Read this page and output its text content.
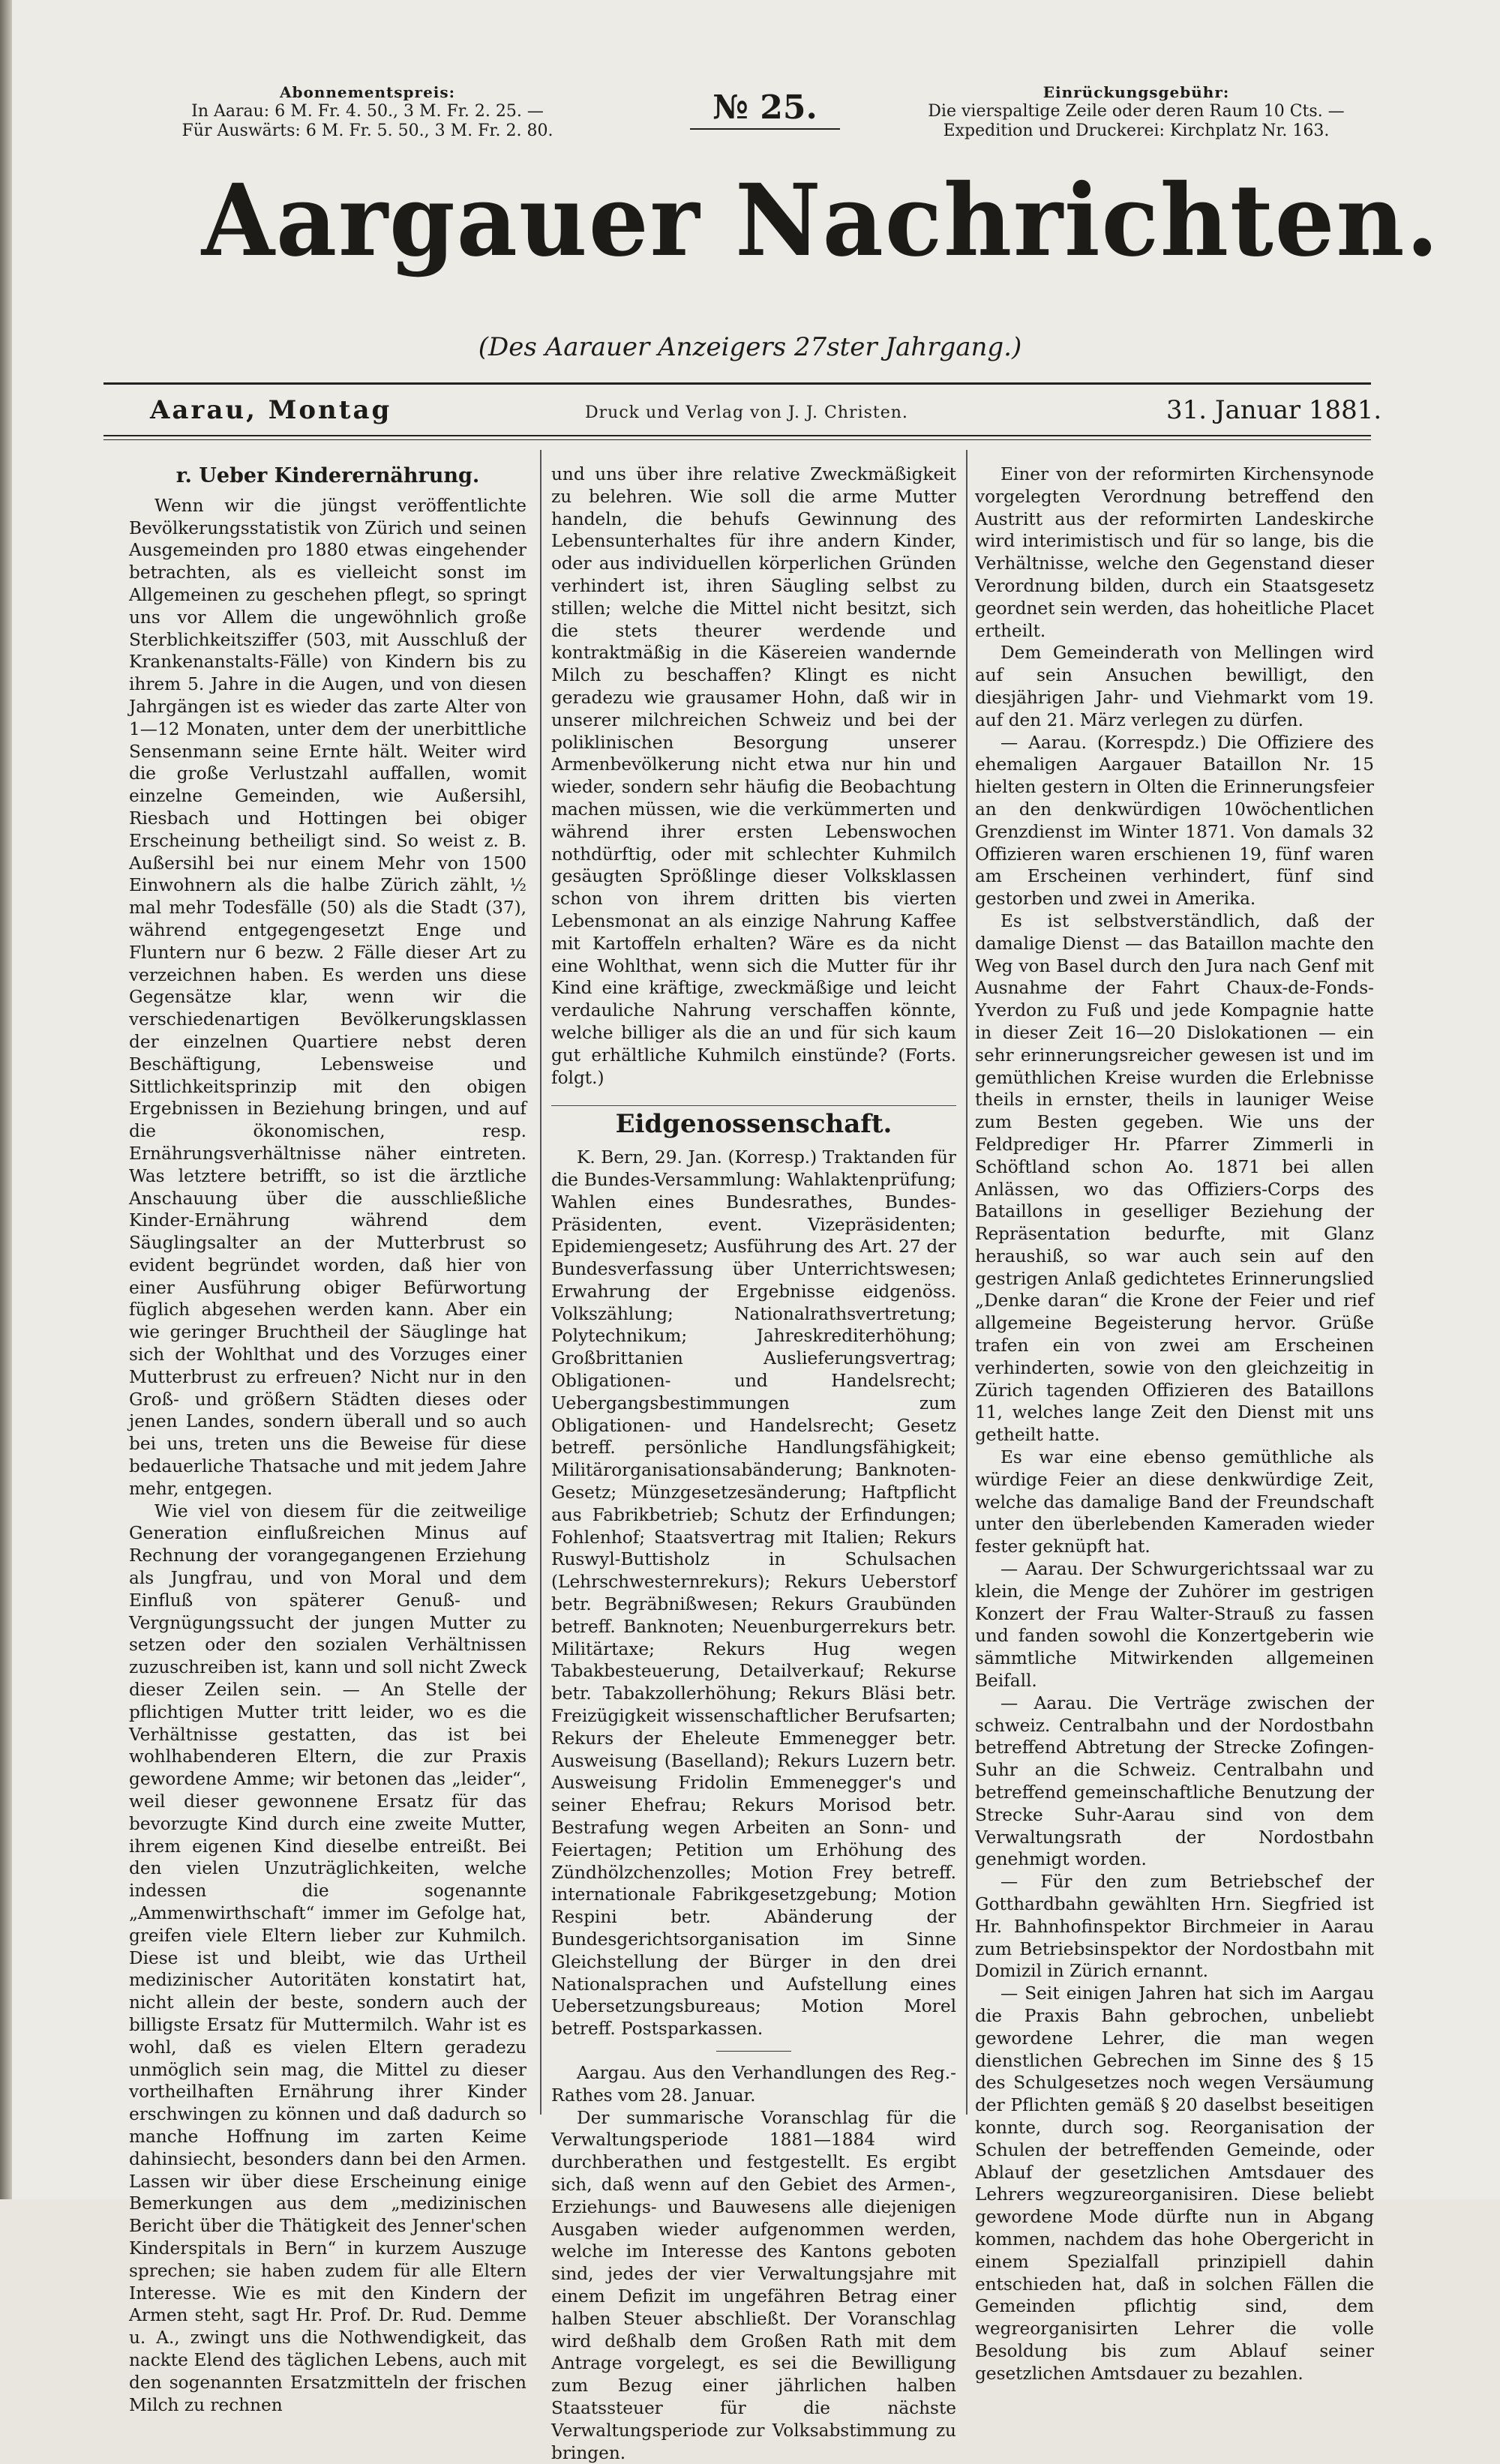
Abonnementspreis:
In Aarau: 6 M. Fr. 4. 50., 3 M. Fr. 2. 25. —
Für Auswärts: 6 M. Fr. 5. 50., 3 M. Fr. 2. 80.
№ 25.	Einrückungsgebühr:
Die vierspaltige Zeile oder deren Raum 10 Cts. —
Expedition und Druckerei: Kirchplatz Nr. 163.
Aargauer Nachrichten.
(Des Aarauer Anzeigers 27ster Jahrgang.)
Aarau, Montag	Druck und Verlag von J. J. Christen.	31. Januar 1881.
r. Ueber Kinderernährung.

Wenn wir die jüngst veröffentlichte Bevölkerungsstatistik von Zürich und seinen Ausgemeinden pro 1880 etwas eingehender betrachten, als es vielleicht sonst im Allgemeinen zu geschehen pflegt, so springt uns vor Allem die ungewöhnlich große Sterblichkeitsziffer (503, mit Ausschluß der Krankenanstalts-Fälle) von Kindern bis zu ihrem 5. Jahre in die Augen, und von diesen Jahrgängen ist es wieder das zarte Alter von 1—12 Monaten, unter dem der unerbittliche Sensenmann seine Ernte hält. Weiter wird die große Verlustzahl auffallen, womit einzelne Gemeinden, wie Außersihl, Riesbach und Hottingen bei obiger Erscheinung betheiligt sind. So weist z. B. Außersihl bei nur einem Mehr von 1500 Einwohnern als die halbe Zürich zählt, ½ mal mehr Todesfälle (50) als die Stadt (37), während entgegengesetzt Enge und Fluntern nur 6 bezw. 2 Fälle dieser Art zu verzeichnen haben. Es werden uns diese Gegensätze klar, wenn wir die verschiedenartigen Bevölkerungsklassen der einzelnen Quartiere nebst deren Beschäftigung, Lebensweise und Sittlichkeitsprinzip mit den obigen Ergebnissen in Beziehung bringen, und auf die ökonomischen, resp. Ernährungsverhältnisse näher eintreten. Was letztere betrifft, so ist die ärztliche Anschauung über die ausschließliche Kinder-Ernährung während dem Säuglingsalter an der Mutterbrust so evident begründet worden, daß hier von einer Ausführung obiger Befürwortung füglich abgesehen werden kann. Aber ein wie geringer Bruchtheil der Säuglinge hat sich der Wohlthat und des Vorzuges einer Mutterbrust zu erfreuen? Nicht nur in den Groß- und größern Städten dieses oder jenen Landes, sondern überall und so auch bei uns, treten uns die Beweise für diese bedauerliche Thatsache und mit jedem Jahre mehr, entgegen.

Wie viel von diesem für die zeitweilige Generation einflußreichen Minus auf Rechnung der vorangegangenen Erziehung als Jungfrau, und von Moral und dem Einfluß von späterer Genuß- und Vergnügungssucht der jungen Mutter zu setzen oder den sozialen Verhältnissen zuzuschreiben ist, kann und soll nicht Zweck dieser Zeilen sein. — An Stelle der pflichtigen Mutter tritt leider, wo es die Verhältnisse gestatten, das ist bei wohlhabenderen Eltern, die zur Praxis gewordene Amme; wir betonen das „leider“, weil dieser gewonnene Ersatz für das bevorzugte Kind durch eine zweite Mutter, ihrem eigenen Kind dieselbe entreißt. Bei den vielen Unzuträglichkeiten, welche indessen die sogenannte „Ammenwirthschaft“ immer im Gefolge hat, greifen viele Eltern lieber zur Kuhmilch. Diese ist und bleibt, wie das Urtheil medizinischer Autoritäten konstatirt hat, nicht allein der beste, sondern auch der billigste Ersatz für Muttermilch. Wahr ist es wohl, daß es vielen Eltern geradezu unmöglich sein mag, die Mittel zu dieser vortheilhaften Ernährung ihrer Kinder erschwingen zu können und daß dadurch so manche Hoffnung im zarten Keime dahinsiecht, besonders dann bei den Armen. Lassen wir über diese Erscheinung einige Bemerkungen aus dem „medizinischen Bericht über die Thätigkeit des Jenner'schen Kinderspitals in Bern“ in kurzem Auszuge sprechen; sie haben zudem für alle Eltern Interesse. Wie es mit den Kindern der Armen steht, sagt Hr. Prof. Dr. Rud. Demme u. A., zwingt uns die Nothwendigkeit, das nackte Elend des täglichen Lebens, auch mit den sogenannten Ersatzmitteln der frischen Milch zu rechnen

und uns über ihre relative Zweckmäßigkeit zu belehren. Wie soll die arme Mutter handeln, die behufs Gewinnung des Lebensunterhaltes für ihre andern Kinder, oder aus individuellen körperlichen Gründen verhindert ist, ihren Säugling selbst zu stillen; welche die Mittel nicht besitzt, sich die stets theurer werdende und kontraktmäßig in die Käsereien wandernde Milch zu beschaffen? Klingt es nicht geradezu wie grausamer Hohn, daß wir in unserer milchreichen Schweiz und bei der poliklinischen Besorgung unserer Armenbevölkerung nicht etwa nur hin und wieder, sondern sehr häufig die Beobachtung machen müssen, wie die verkümmerten und während ihrer ersten Lebenswochen nothdürftig, oder mit schlechter Kuhmilch gesäugten Sprößlinge dieser Volksklassen schon von ihrem dritten bis vierten Lebensmonat an als einzige Nahrung Kaffee mit Kartoffeln erhalten? Wäre es da nicht eine Wohlthat, wenn sich die Mutter für ihr Kind eine kräftige, zweckmäßige und leicht verdauliche Nahrung verschaffen könnte, welche billiger als die an und für sich kaum gut erhältliche Kuhmilch einstünde? (Forts. folgt.)

Eidgenossenschaft.

K. Bern, 29. Jan. (Korresp.) Traktanden für die Bundes-Versammlung: Wahlaktenprüfung; Wahlen eines Bundesrathes, Bundes-Präsidenten, event. Vizepräsidenten; Epidemiengesetz; Ausführung des Art. 27 der Bundesverfassung über Unterrichtswesen; Erwahrung der Ergebnisse eidgenöss. Volkszählung; Nationalrathsvertretung; Polytechnikum; Jahreskrediterhöhung; Großbrittanien Auslieferungsvertrag; Obligationen- und Handelsrecht; Uebergangsbestimmungen zum Obligationen- und Handelsrecht; Gesetz betreff. persönliche Handlungsfähigkeit; Militärorganisationsabänderung; Banknoten-Gesetz; Münzgesetzesänderung; Haftpflicht aus Fabrikbetrieb; Schutz der Erfindungen; Fohlenhof; Staatsvertrag mit Italien; Rekurs Ruswyl-Buttisholz in Schulsachen (Lehrschwesternrekurs); Rekurs Ueberstorf betr. Begräbnißwesen; Rekurs Graubünden betreff. Banknoten; Neuenburgerrekurs betr. Militärtaxe; Rekurs Hug wegen Tabakbesteuerung, Detailverkauf; Rekurse betr. Tabakzollerhöhung; Rekurs Bläsi betr. Freizügigkeit wissenschaftlicher Berufsarten; Rekurs der Eheleute Emmenegger betr. Ausweisung (Baselland); Rekurs Luzern betr. Ausweisung Fridolin Emmenegger's und seiner Ehefrau; Rekurs Morisod betr. Bestrafung wegen Arbeiten an Sonn- und Feiertagen; Petition um Erhöhung des Zündhölzchenzolles; Motion Frey betreff. internationale Fabrikgesetzgebung; Motion Respini betr. Abänderung der Bundesgerichtsorganisation im Sinne Gleichstellung der Bürger in den drei Nationalsprachen und Aufstellung eines Uebersetzungsbureaus; Motion Morel betreff. Postsparkassen.

Aargau. Aus den Verhandlungen des Reg.-Rathes vom 28. Januar.

Der summarische Voranschlag für die Verwaltungsperiode 1881—1884 wird durchberathen und festgestellt. Es ergibt sich, daß wenn auf den Gebiet des Armen-, Erziehungs- und Bauwesens alle diejenigen Ausgaben wieder aufgenommen werden, welche im Interesse des Kantons geboten sind, jedes der vier Verwaltungsjahre mit einem Defizit im ungefähren Betrag einer halben Steuer abschließt. Der Voranschlag wird deßhalb dem Großen Rath mit dem Antrage vorgelegt, es sei die Bewilligung zum Bezug einer jährlichen halben Staatssteuer für die nächste Verwaltungsperiode zur Volksabstimmung zu bringen.

Einer von der reformirten Kirchensynode vorgelegten Verordnung betreffend den Austritt aus der reformirten Landeskirche wird interimistisch und für so lange, bis die Verhältnisse, welche den Gegenstand dieser Verordnung bilden, durch ein Staatsgesetz geordnet sein werden, das hoheitliche Placet ertheilt.

Dem Gemeinderath von Mellingen wird auf sein Ansuchen bewilligt, den diesjährigen Jahr- und Viehmarkt vom 19. auf den 21. März verlegen zu dürfen.

— Aarau. (Korrespdz.) Die Offiziere des ehemaligen Aargauer Bataillon Nr. 15 hielten gestern in Olten die Erinnerungsfeier an den denkwürdigen 10wöchentlichen Grenzdienst im Winter 1871. Von damals 32 Offizieren waren erschienen 19, fünf waren am Erscheinen verhindert, fünf sind gestorben und zwei in Amerika.

Es ist selbstverständlich, daß der damalige Dienst — das Bataillon machte den Weg von Basel durch den Jura nach Genf mit Ausnahme der Fahrt Chaux-de-Fonds-Yverdon zu Fuß und jede Kompagnie hatte in dieser Zeit 16—20 Dislokationen — ein sehr erinnerungsreicher gewesen ist und im gemüthlichen Kreise wurden die Erlebnisse theils in ernster, theils in launiger Weise zum Besten gegeben. Wie uns der Feldprediger Hr. Pfarrer Zimmerli in Schöftland schon Ao. 1871 bei allen Anlässen, wo das Offiziers-Corps des Bataillons in geselliger Beziehung der Repräsentation bedurfte, mit Glanz heraushiß, so war auch sein auf den gestrigen Anlaß gedichtetes Erinnerungslied „Denke daran“ die Krone der Feier und rief allgemeine Begeisterung hervor. Grüße trafen ein von zwei am Erscheinen verhinderten, sowie von den gleichzeitig in Zürich tagenden Offizieren des Bataillons 11, welches lange Zeit den Dienst mit uns getheilt hatte.

Es war eine ebenso gemüthliche als würdige Feier an diese denkwürdige Zeit, welche das damalige Band der Freundschaft unter den überlebenden Kameraden wieder fester geknüpft hat.

— Aarau. Der Schwurgerichtssaal war zu klein, die Menge der Zuhörer im gestrigen Konzert der Frau Walter-Strauß zu fassen und fanden sowohl die Konzertgeberin wie sämmtliche Mitwirkenden allgemeinen Beifall.

— Aarau. Die Verträge zwischen der schweiz. Centralbahn und der Nordostbahn betreffend Abtretung der Strecke Zofingen-Suhr an die Schweiz. Centralbahn und betreffend gemeinschaftliche Benutzung der Strecke Suhr-Aarau sind von dem Verwaltungsrath der Nordostbahn genehmigt worden.

— Für den zum Betriebschef der Gotthardbahn gewählten Hrn. Siegfried ist Hr. Bahnhofinspektor Birchmeier in Aarau zum Betriebsinspektor der Nordostbahn mit Domizil in Zürich ernannt.

— Seit einigen Jahren hat sich im Aargau die Praxis Bahn gebrochen, unbeliebt gewordene Lehrer, die man wegen dienstlichen Gebrechen im Sinne des § 15 des Schulgesetzes noch wegen Versäumung der Pflichten gemäß § 20 daselbst beseitigen konnte, durch sog. Reorganisation der Schulen der betreffenden Gemeinde, oder Ablauf der gesetzlichen Amtsdauer des Lehrers wegzureorganisiren. Diese beliebt gewordene Mode dürfte nun in Abgang kommen, nachdem das hohe Obergericht in einem Spezialfall prinzipiell dahin entschieden hat, daß in solchen Fällen die Gemeinden pflichtig sind, dem wegreorganisirten Lehrer die volle Besoldung bis zum Ablauf seiner gesetzlichen Amtsdauer zu bezahlen.
